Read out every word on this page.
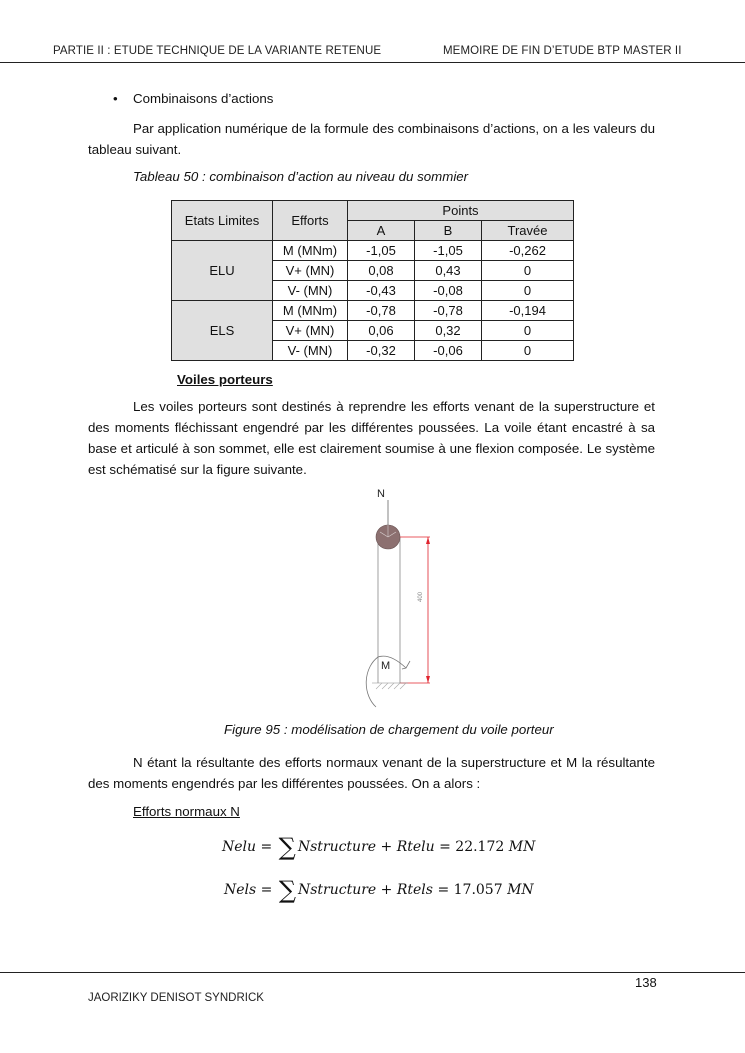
PARTIE II : ETUDE TECHNIQUE DE LA VARIANTE RETENUE	MEMOIRE DE FIN D’ETUDE BTP MASTER II
• Combinaisons d’actions
Par application numérique de la formule des combinaisons d’actions, on a les valeurs du tableau suivant.
Tableau 50 : combinaison d’action au niveau du sommier
Etats Limites	Efforts	Points		
		A	B	Travée
ELU	M (MNm)	-1,05	-1,05	-0,262
	V+ (MN)	0,08	0,43	0
	V- (MN)	-0,43	-0,08	0
ELS	M (MNm)	-0,78	-0,78	-0,194
	V+ (MN)	0,06	0,32	0
	V- (MN)	-0,32	-0,06	0
Voiles porteurs
Les voiles porteurs sont destinés à reprendre les efforts venant de la superstructure et des moments fléchissant engendré par les différentes poussées. La voile étant encastré à sa base et articulé à son sommet, elle est clairement soumise à une flexion composée. Le système est schématisé sur la figure suivante.
N
M
400
Figure 95 : modélisation de chargement du voile porteur
N étant la résultante des efforts normaux venant de la superstructure et M la résultante des moments engendrés par les différentes poussées. On a alors :
Efforts normaux N
Nelu = ∑ Nstructure + Rtelu = 22.172 MN
Nels = ∑ Nstructure + Rtels = 17.057 MN
138
JAORIZIKY DENISOT SYNDRICK
